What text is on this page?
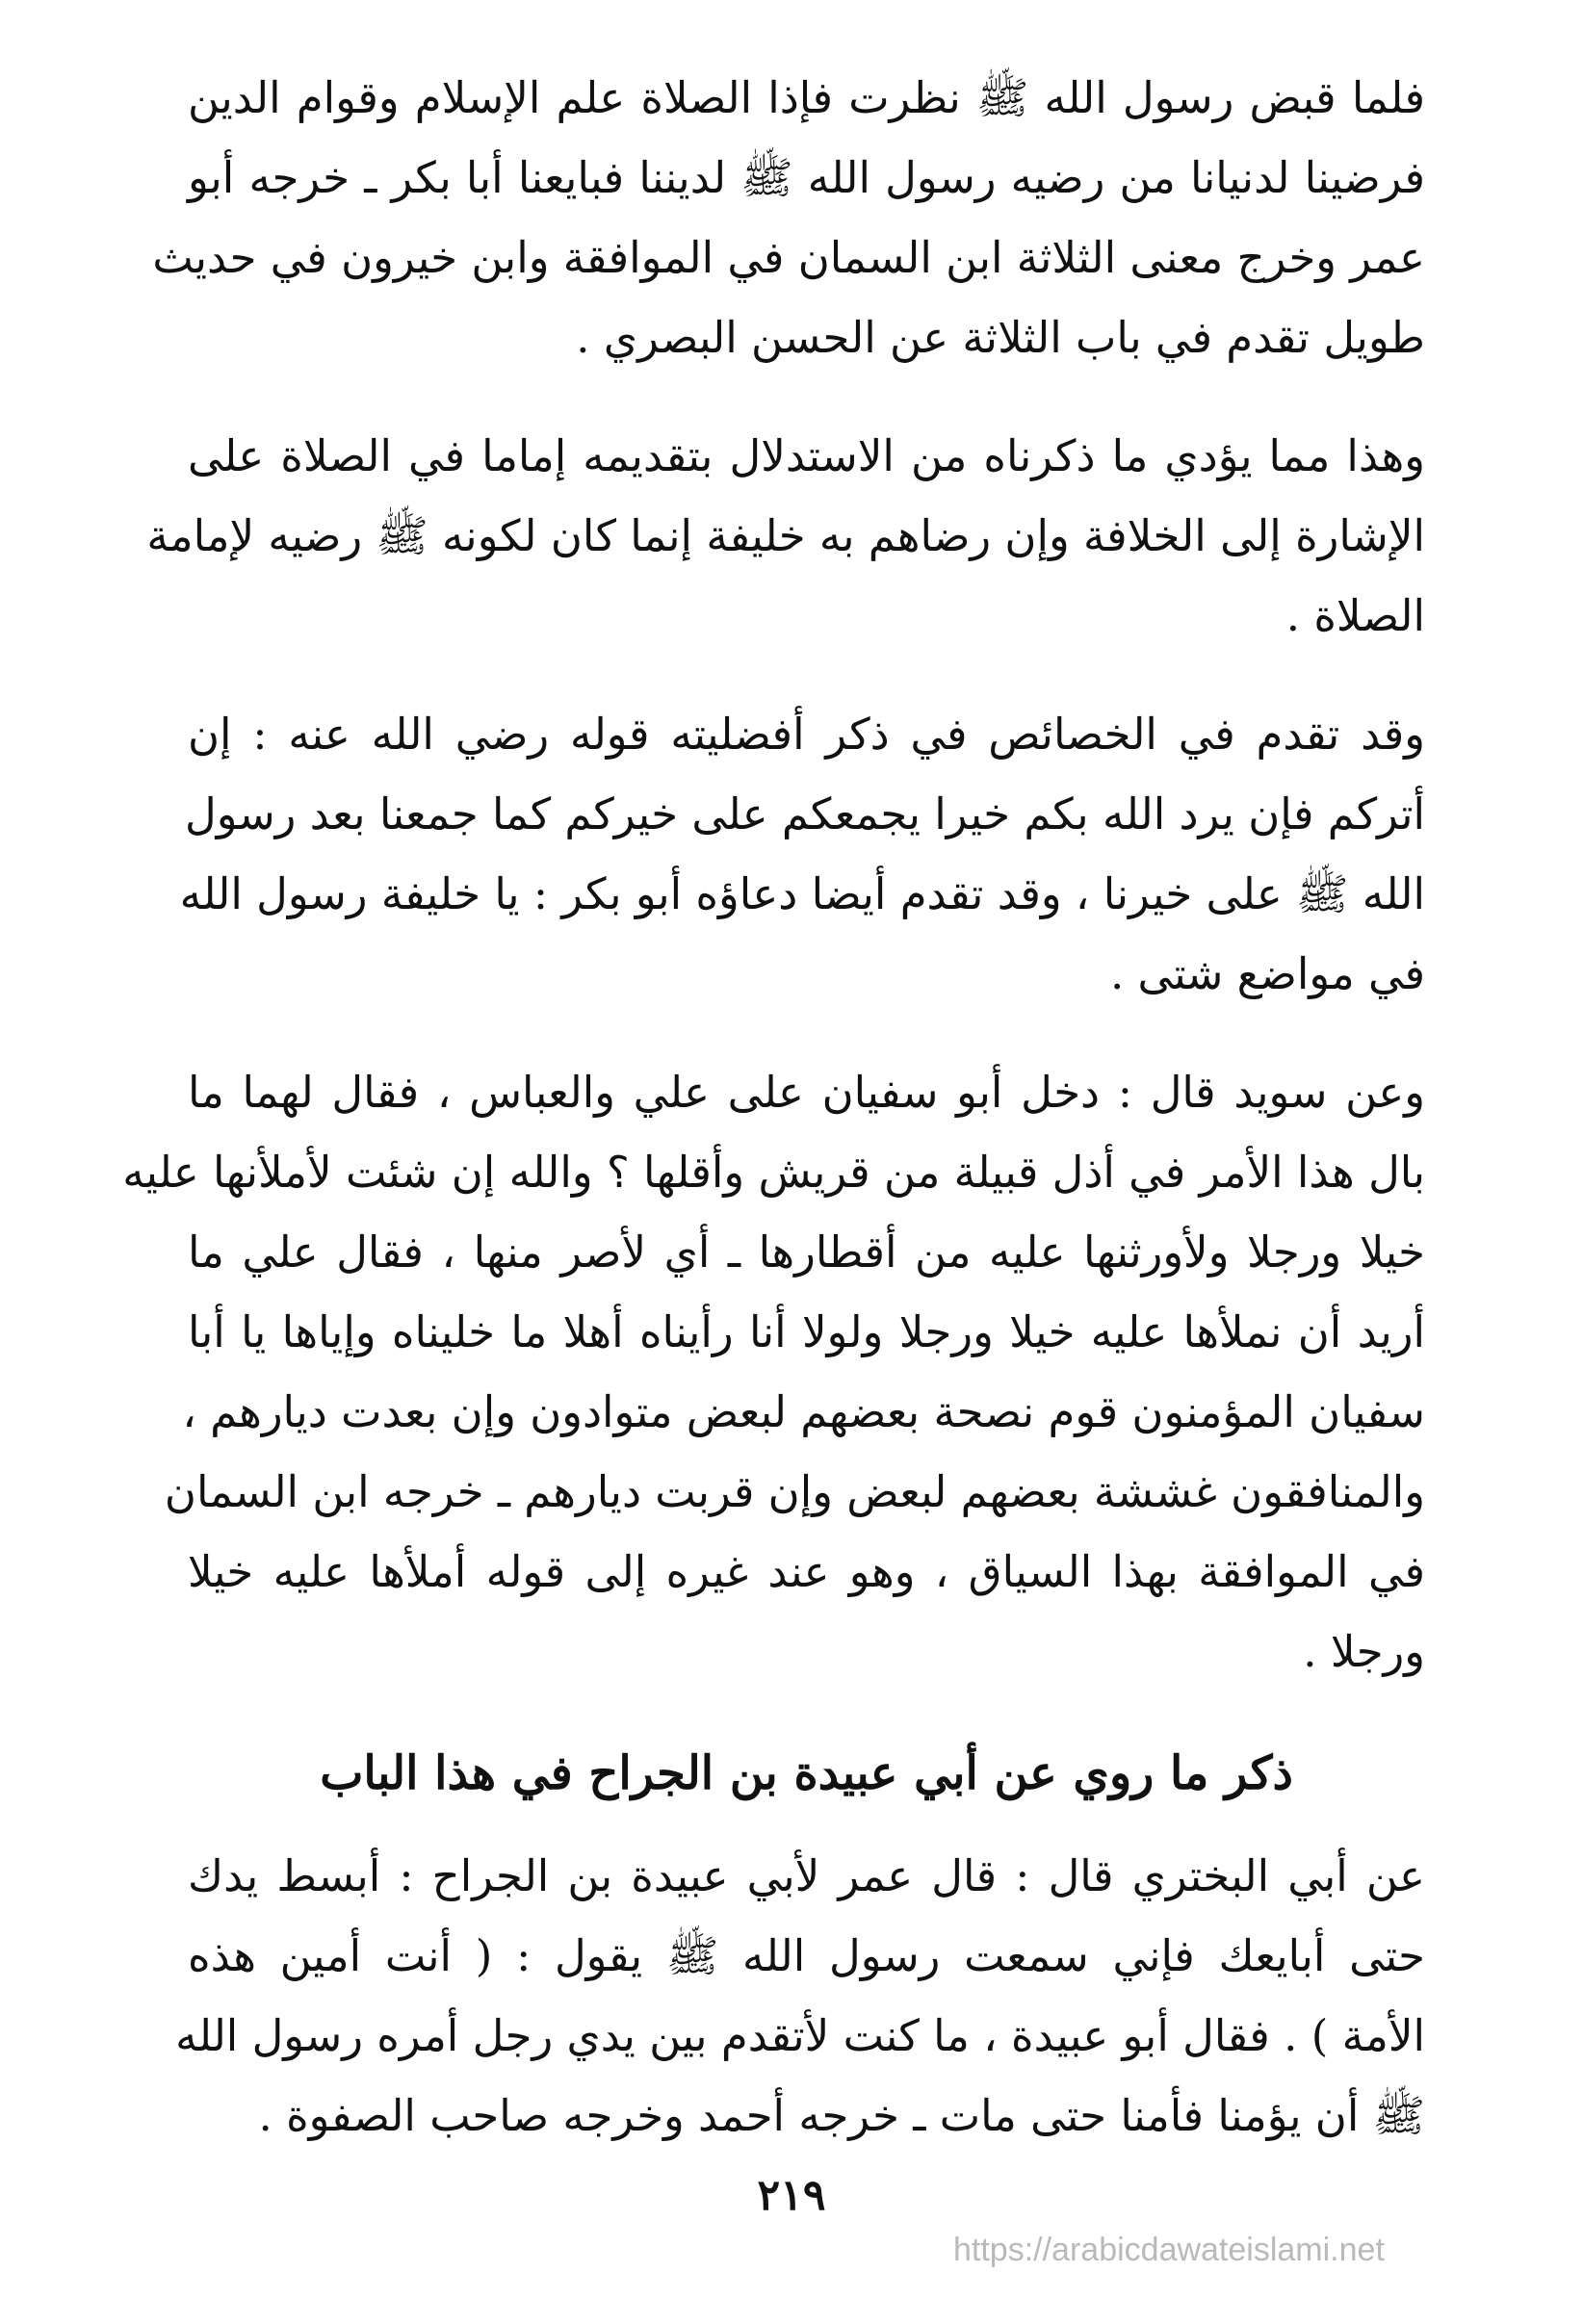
فلما قبض رسول الله ﷺ نظرت فإذا الصلاة علم الإسلام وقوام الدين
فرضينا لدنيانا من رضيه رسول الله ﷺ لديننا فبايعنا أبا بكر ـ خرجه أبو
عمر وخرج معنى الثلاثة ابن السمان في الموافقة وابن خيرون في حديث
طويل تقدم في باب الثلاثة عن الحسن البصري .
وهذا مما يؤدي ما ذكرناه من الاستدلال بتقديمه إماما في الصلاة على
الإشارة إلى الخلافة وإن رضاهم به خليفة إنما كان لكونه ﷺ رضيه لإمامة
الصلاة .
وقد تقدم في الخصائص في ذكر أفضليته قوله رضي الله عنه : إن
أتركم فإن يرد الله بكم خيرا يجمعكم على خيركم كما جمعنا بعد رسول
الله ﷺ على خيرنا ، وقد تقدم أيضا دعاؤه أبو بكر : يا خليفة رسول الله
في مواضع شتى .
وعن سويد قال : دخل أبو سفيان على علي والعباس ، فقال لهما ما
بال هذا الأمر في أذل قبيلة من قريش وأقلها ؟ والله إن شئت لأملأنها عليه
خيلا ورجلا ولأورثنها عليه من أقطارها ـ أي لأصر منها ، فقال علي ما
أريد أن نملأها عليه خيلا ورجلا ولولا أنا رأيناه أهلا ما خليناه وإياها يا أبا
سفيان المؤمنون قوم نصحة بعضهم لبعض متوادون وإن بعدت ديارهم ،
والمنافقون غششة بعضهم لبعض وإن قربت ديارهم ـ خرجه ابن السمان
في الموافقة بهذا السياق ، وهو عند غيره إلى قوله أملأها عليه خيلا
ورجلا .
ذكر ما روي عن أبي عبيدة بن الجراح في هذا الباب
عن أبي البختري قال : قال عمر لأبي عبيدة بن الجراح : أبسط يدك
حتى أبايعك فإني سمعت رسول الله ﷺ يقول : ( أنت أمين هذه
الأمة ) . فقال أبو عبيدة ، ما كنت لأتقدم بين يدي رجل أمره رسول الله
ﷺ أن يؤمنا فأمنا حتى مات ـ خرجه أحمد وخرجه صاحب الصفوة .
٢١٩
https://arabicdawateislami.net
